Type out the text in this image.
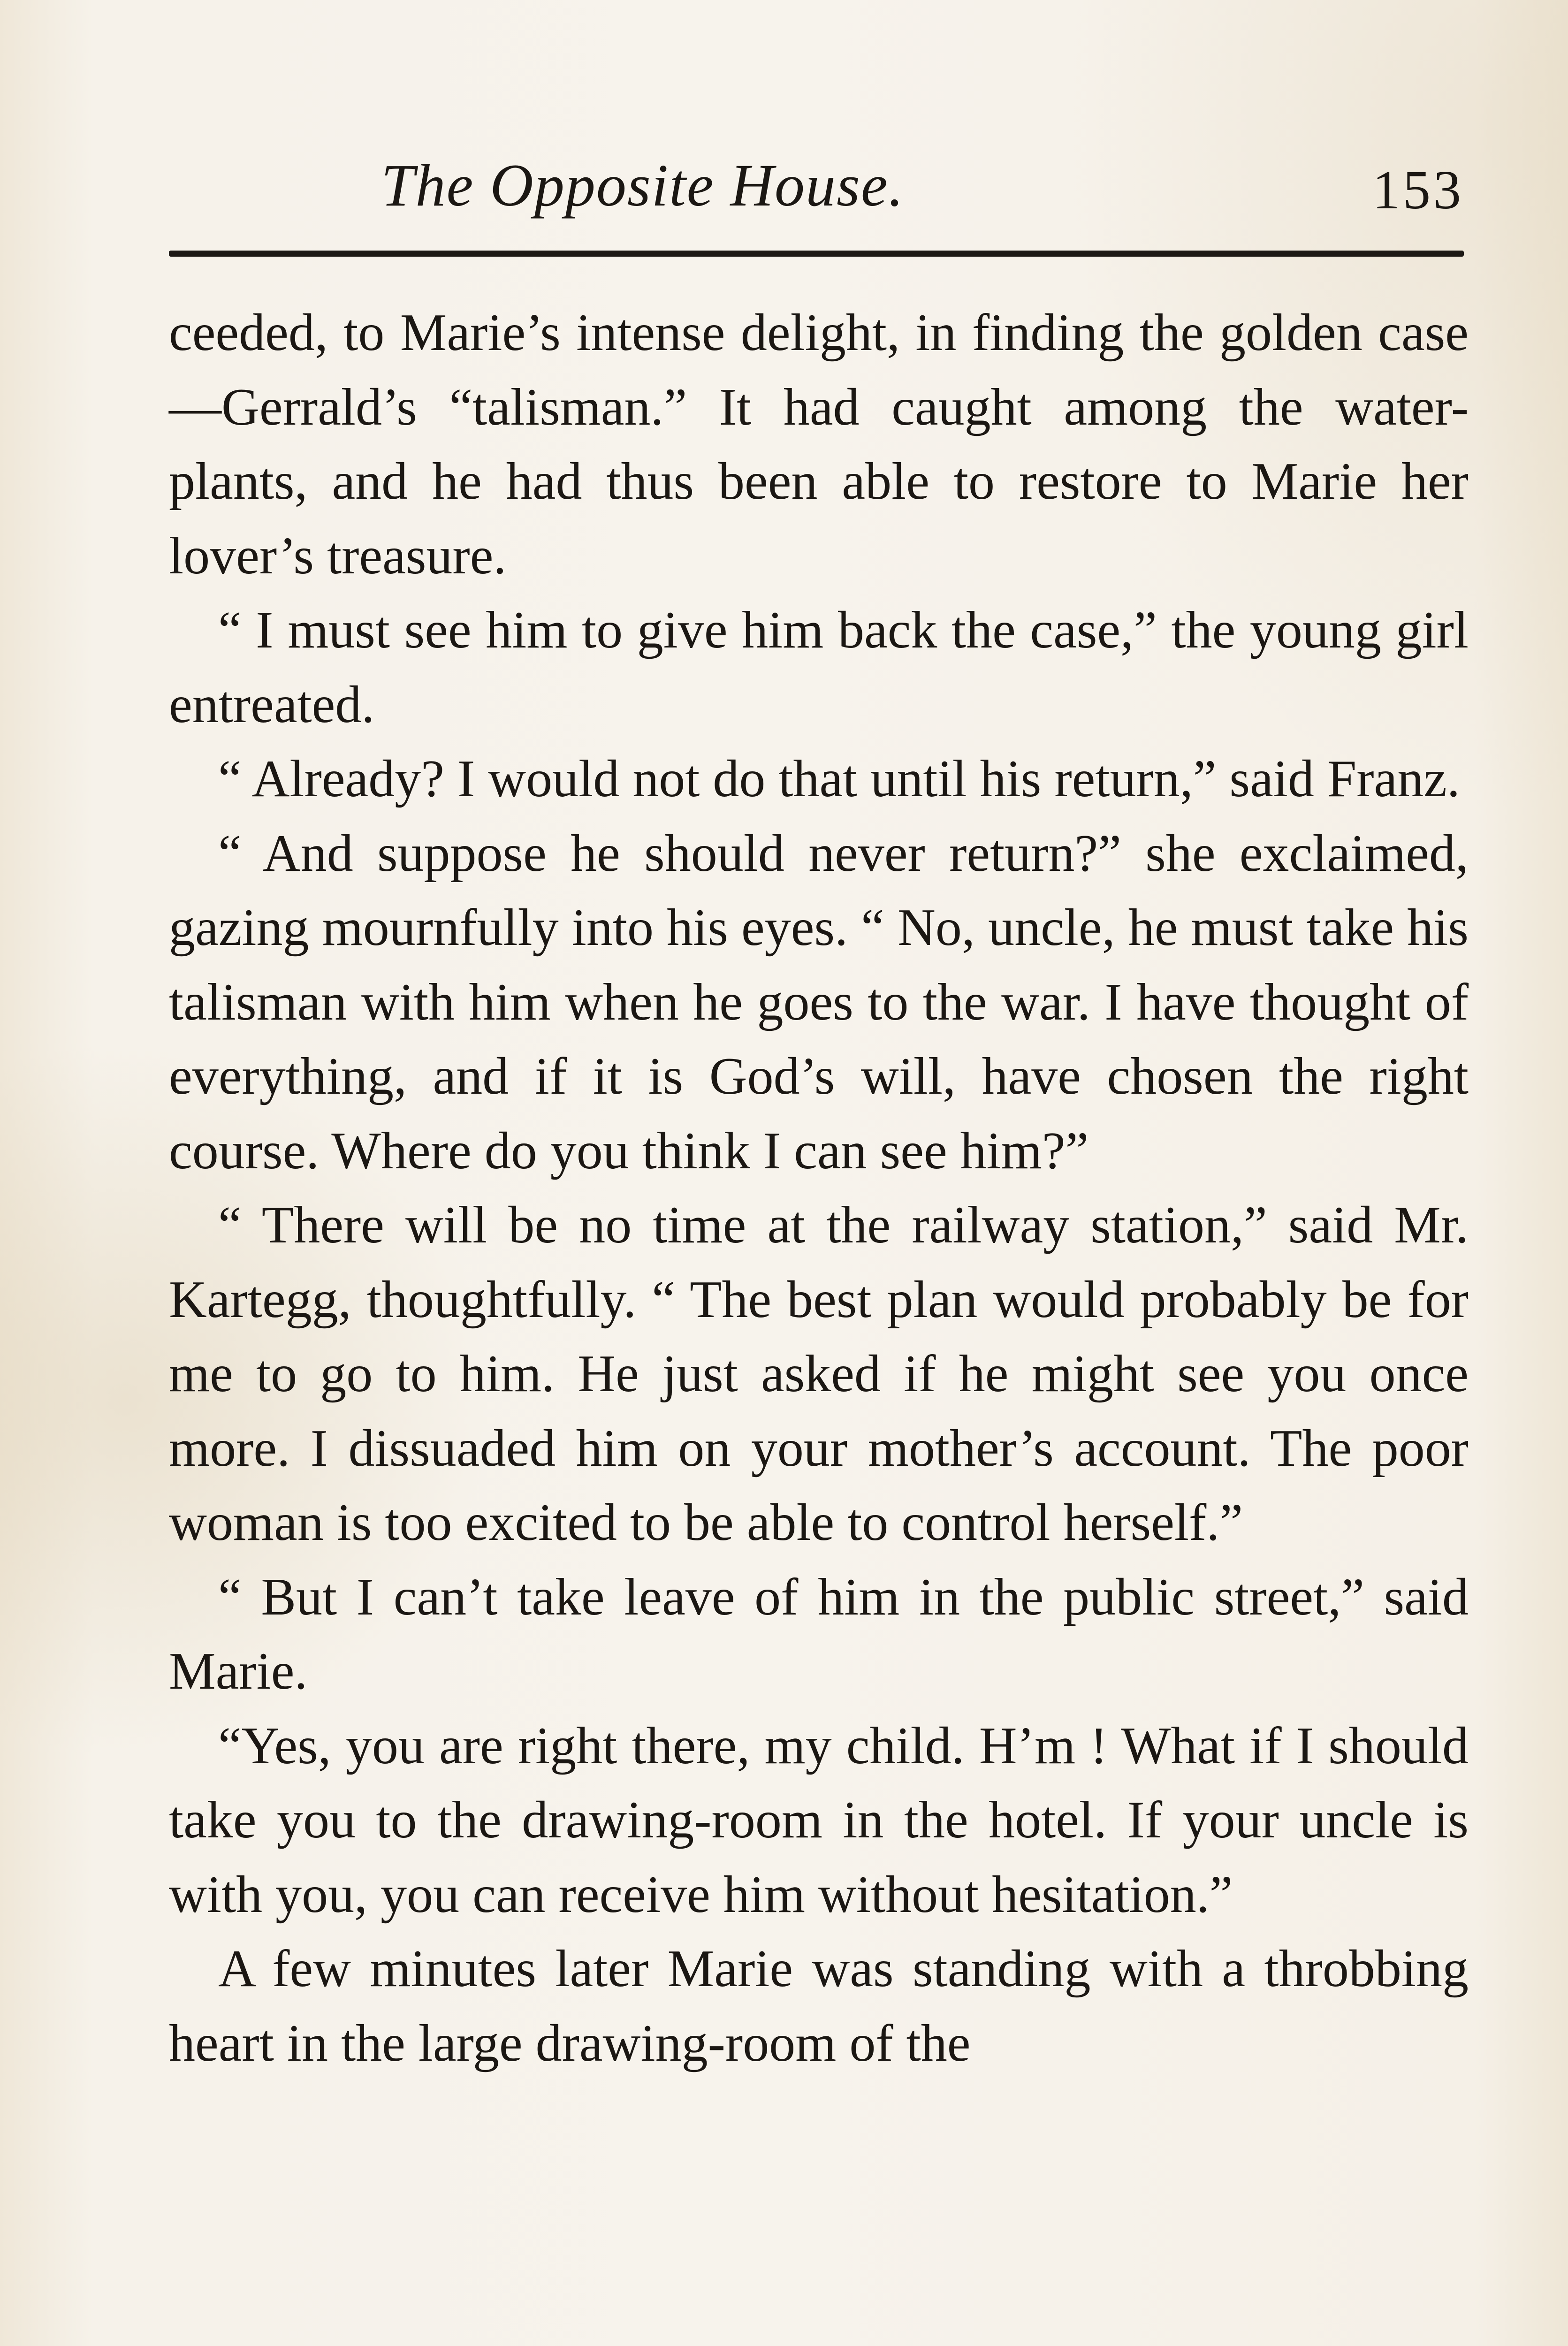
The Opposite House.	153

ceeded, to Marie’s intense delight, in finding the golden case—Gerrald’s “talisman.” It had caught among the water-plants, and he had thus been able to restore to Marie her lover’s treasure.

“ I must see him to give him back the case,” the young girl entreated.

“ Already? I would not do that until his return,” said Franz.

“ And suppose he should never return?” she exclaimed, gazing mournfully into his eyes. “ No, uncle, he must take his talisman with him when he goes to the war. I have thought of everything, and if it is God’s will, have chosen the right course. Where do you think I can see him?”

“ There will be no time at the railway station,” said Mr. Kartegg, thoughtfully. “ The best plan would probably be for me to go to him. He just asked if he might see you once more. I dissuaded him on your mother’s account. The poor woman is too excited to be able to control herself.”

“ But I can’t take leave of him in the public street,” said Marie.

“Yes, you are right there, my child. H’m ! What if I should take you to the drawing-room in the hotel. If your uncle is with you, you can receive him without hesitation.”

A few minutes later Marie was standing with a throbbing heart in the large drawing-room of the
